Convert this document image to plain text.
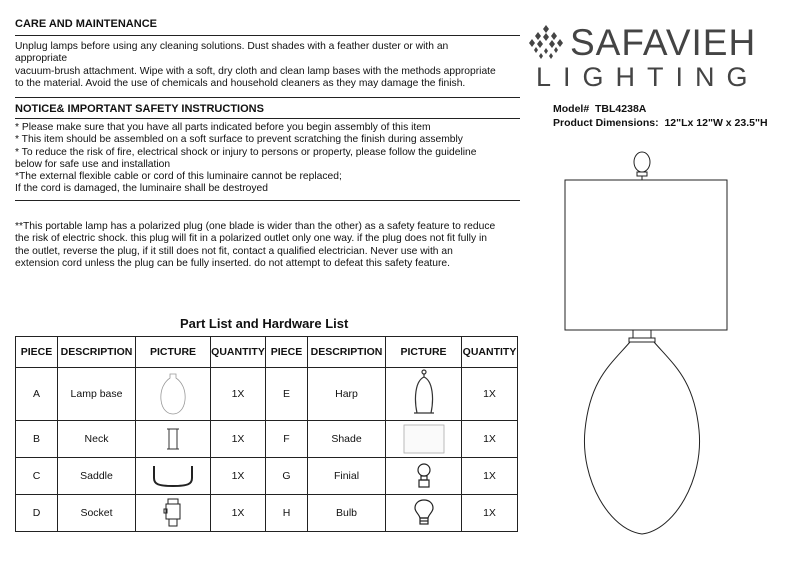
CARE AND MAINTENANCE
Unplug lamps before using any cleaning solutions. Dust shades with a feather duster or with an
appropriate
vacuum-brush attachment. Wipe with a soft, dry cloth and clean lamp bases with the methods appropriate
to the material. Avoid the use of chemicals and household cleaners as they may damage the finish.
NOTICE& IMPORTANT SAFETY INSTRUCTIONS
* Please make sure that you have all parts indicated before you begin assembly of this item
* This item should be assembled on a soft surface to prevent scratching the finish during assembly
* To reduce the risk of fire, electrical shock or injury to persons or property, please follow the guideline
below for safe use and installation
*The external flexible cable or cord of this luminaire cannot be replaced;
If the cord is damaged, the luminaire shall be destroyed
**This portable lamp has a polarized plug (one blade is wider than the other) as a safety feature to reduce
the risk of electric shock. this plug will fit in a polarized outlet only one way. if the plug does not fit fully in
the outlet, reverse the plug, if it still does not fit, contact a qualified electrician. Never use with an
extension cord unless the plug can be fully inserted. do not attempt to defeat this safety feature.
SAFAVIEH
LIGHTING
Model# TBL4238A
Product Dimensions: 12"Lx 12"W x 23.5"H
Part List and Hardware List
PIECE	DESCRIPTION	PICTURE	QUANTITY	PIECE	DESCRIPTION	PICTURE	QUANTITY
A	Lamp base		1X	E	Harp		1X
B	Neck		1X	F	Shade		1X
C	Saddle		1X	G	Finial		1X
D	Socket		1X	H	Bulb		1X
